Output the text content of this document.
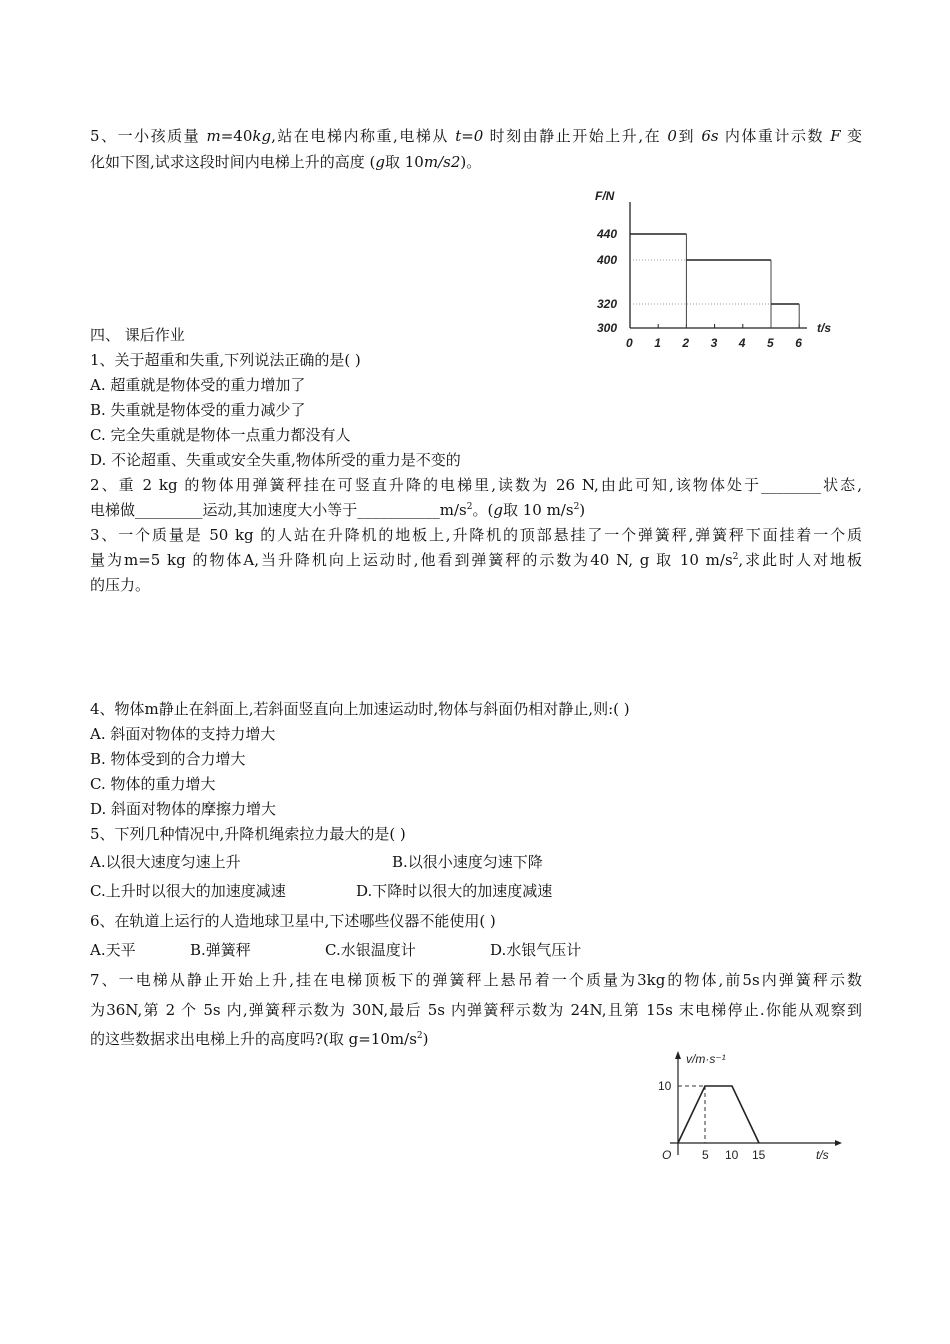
5、一小孩质量 m=40kg,站在电梯内称重,电梯从 t=0 时刻由静止开始上升,在 0到 6s 内体重计示数 F 变
化如下图,试求这段时间内电梯上升的高度 (g取 10m/s2)。
F/N
t/s
0 1 2 3 4 5 6
300
320
400
440
四、 课后作业
1、关于超重和失重,下列说法正确的是( )
A. 超重就是物体受的重力增加了
B. 失重就是物体受的重力减少了
C. 完全失重就是物体一点重力都没有人
D. 不论超重、失重或安全失重,物体所受的重力是不变的
2、重 2 kg 的物体用弹簧秤挂在可竖直升降的电梯里,读数为 26 N,由此可知,该物体处于________状态,
电梯做_________运动,其加速度大小等于$\_\_\_\_\_\_\_\_\_\_\_m/s^2$。(g取 10 $m/s^2$)
3、一个质量是 50 kg 的人站在升降机的地板上,升降机的顶部悬挂了一个弹簧秤,弹簧秤下面挂着一个质
量为m=5 kg 的物体A,当升降机向上运动时,他看到弹簧秤的示数为40 N, g 取 10 $m/s^2$,求此时人对地板
的压力。
4、物体m静止在斜面上,若斜面竖直向上加速运动时,物体与斜面仍相对静止,则:( )
A. 斜面对物体的支持力增大
B. 物体受到的合力增大
C. 物体的重力增大
D. 斜面对物体的摩擦力增大
5、下列几种情况中,升降机绳索拉力最大的是( )
A.以很大速度匀速上升	B.以很小速度匀速下降
C.上升时以很大的加速度减速	D.下降时以很大的加速度减速
6、在轨道上运行的人造地球卫星中,下述哪些仪器不能使用( )
A.天平	B.弹簧秤	C.水银温度计	D.水银气压计
7、一电梯从静止开始上升,挂在电梯顶板下的弹簧秤上悬吊着一个质量为3kg的物体,前5s内弹簧秤示数
为36N,第 2 个 5s 内,弹簧秤示数为 30N,最后 5s 内弹簧秤示数为 24N,且第 15s 末电梯停止.你能从观察到
的这些数据求出电梯上升的高度吗?(取 $g=10m/s^2$)
v/m·s⁻¹
t/s
O	5 10 15
10
